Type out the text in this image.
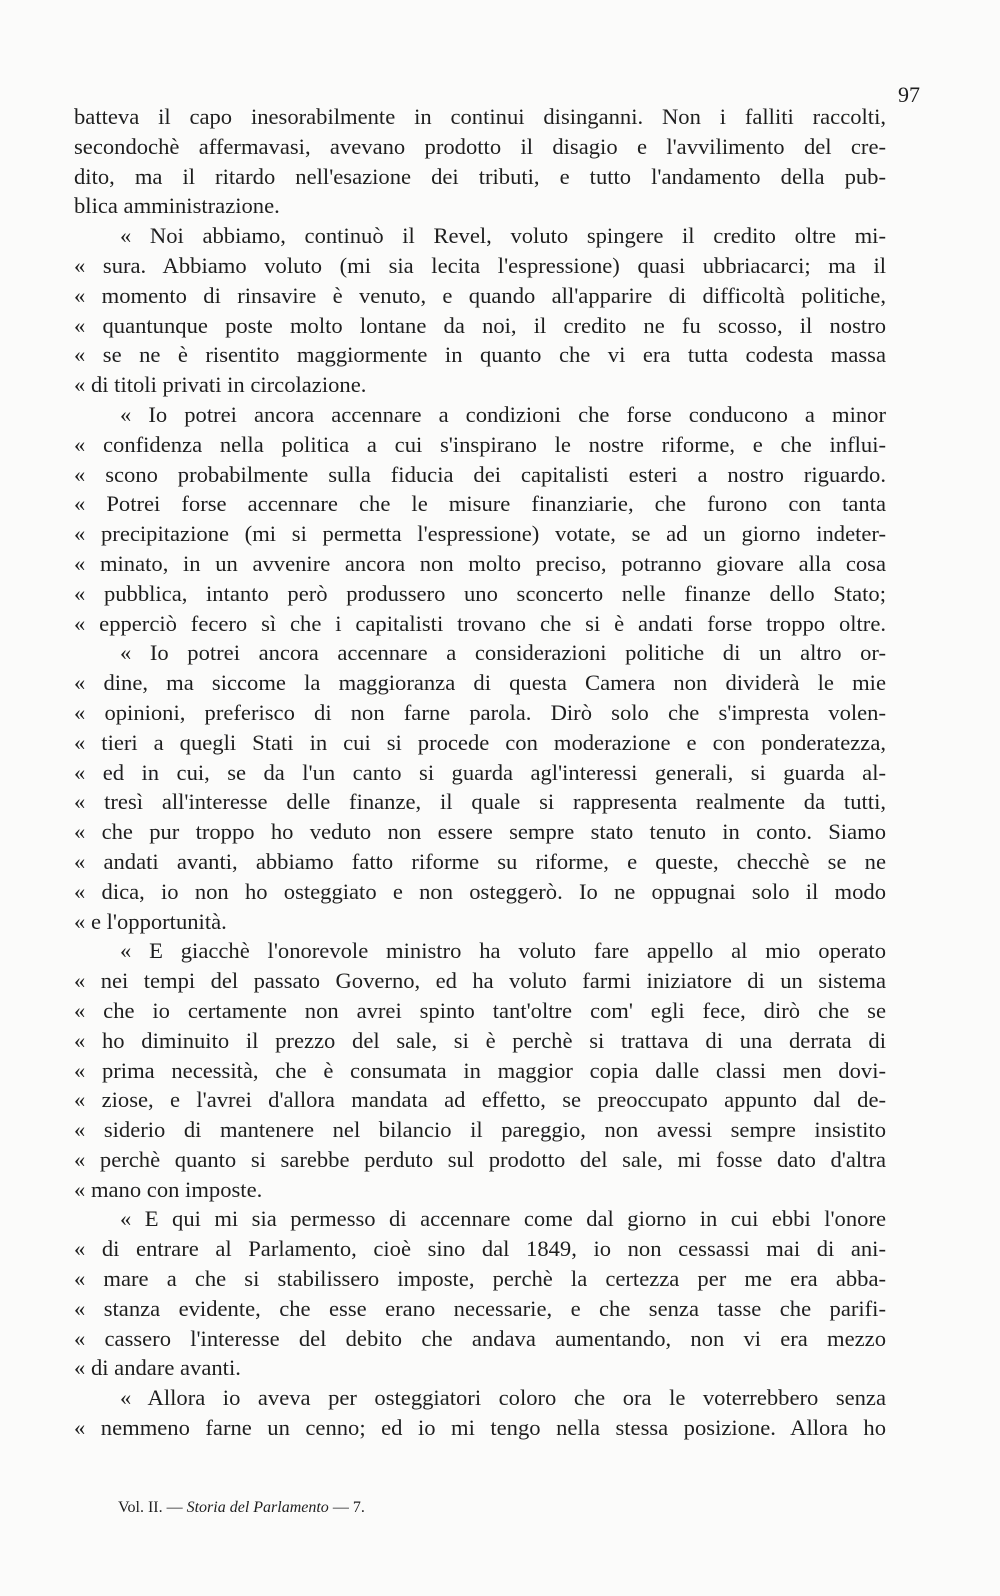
97
batteva il capo inesorabilmente in continui disinganni. Non i falliti raccolti,
secondochè affermavasi, avevano prodotto il disagio e l'avvilimento del cre-
dito, ma il ritardo nell'esazione dei tributi, e tutto l'andamento della pub-
blica amministrazione.
« Noi abbiamo, continuò il Revel, voluto spingere il credito oltre mi-
« sura. Abbiamo voluto (mi sia lecita l'espressione) quasi ubbriacarci; ma il
« momento di rinsavire è venuto, e quando all'apparire di difficoltà politiche,
« quantunque poste molto lontane da noi, il credito ne fu scosso, il nostro
« se ne è risentito maggiormente in quanto che vi era tutta codesta massa
« di titoli privati in circolazione.
« Io potrei ancora accennare a condizioni che forse conducono a minor
« confidenza nella politica a cui s'inspirano le nostre riforme, e che influi-
« scono probabilmente sulla fiducia dei capitalisti esteri a nostro riguardo.
« Potrei forse accennare che le misure finanziarie, che furono con tanta
« precipitazione (mi si permetta l'espressione) votate, se ad un giorno indeter-
« minato, in un avvenire ancora non molto preciso, potranno giovare alla cosa
« pubblica, intanto però produssero uno sconcerto nelle finanze dello Stato;
« epperciò fecero sì che i capitalisti trovano che si è andati forse troppo oltre.
« Io potrei ancora accennare a considerazioni politiche di un altro or-
« dine, ma siccome la maggioranza di questa Camera non dividerà le mie
« opinioni, preferisco di non farne parola. Dirò solo che s'impresta volen-
« tieri a quegli Stati in cui si procede con moderazione e con ponderatezza,
« ed in cui, se da l'un canto si guarda agl'interessi generali, si guarda al-
« tresì all'interesse delle finanze, il quale si rappresenta realmente da tutti,
« che pur troppo ho veduto non essere sempre stato tenuto in conto. Siamo
« andati avanti, abbiamo fatto riforme su riforme, e queste, checchè se ne
« dica, io non ho osteggiato e non osteggerò. Io ne oppugnai solo il modo
« e l'opportunità.
« E giacchè l'onorevole ministro ha voluto fare appello al mio operato
« nei tempi del passato Governo, ed ha voluto farmi iniziatore di un sistema
« che io certamente non avrei spinto tant'oltre com' egli fece, dirò che se
« ho diminuito il prezzo del sale, si è perchè si trattava di una derrata di
« prima necessità, che è consumata in maggior copia dalle classi men dovi-
« ziose, e l'avrei d'allora mandata ad effetto, se preoccupato appunto dal de-
« siderio di mantenere nel bilancio il pareggio, non avessi sempre insistito
« perchè quanto si sarebbe perduto sul prodotto del sale, mi fosse dato d'altra
« mano con imposte.
« E qui mi sia permesso di accennare come dal giorno in cui ebbi l'onore
« di entrare al Parlamento, cioè sino dal 1849, io non cessassi mai di ani-
« mare a che si stabilissero imposte, perchè la certezza per me era abba-
« stanza evidente, che esse erano necessarie, e che senza tasse che parifi-
« cassero l'interesse del debito che andava aumentando, non vi era mezzo
« di andare avanti.
« Allora io aveva per osteggiatori coloro che ora le voterrebbero senza
« nemmeno farne un cenno; ed io mi tengo nella stessa posizione. Allora ho
Vol. II. — Storia del Parlamento — 7.
